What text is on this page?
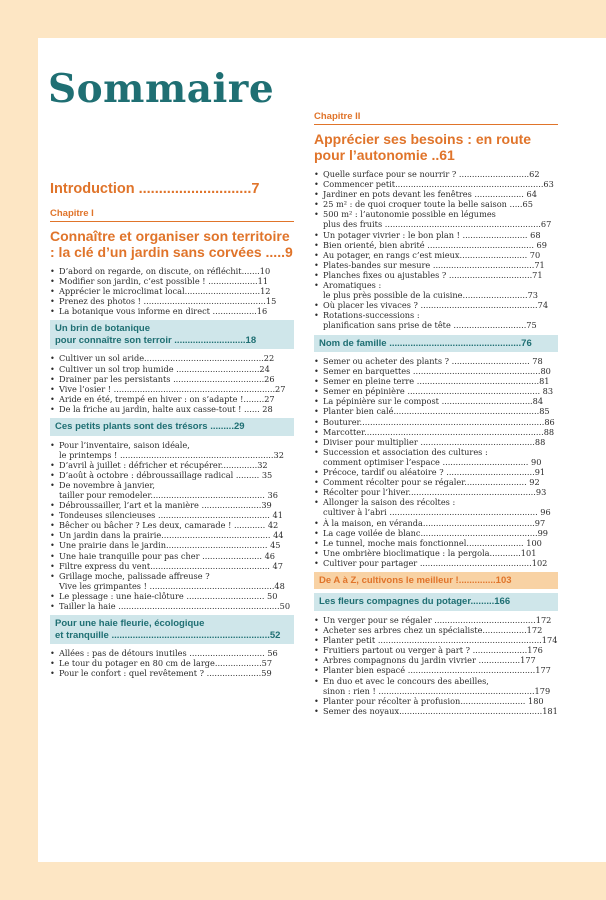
Sommaire
Introduction ............................7
Chapitre I
Connaître et organiser son territoire : la clé d’un jardin sans corvées .....9
• D’abord on regarde, on discute, on réfléchit.......10
• Modifier son jardin, c’est possible ! ...................11
• Apprécier le microclimat local.............................12
• Prenez des photos ! ...............................................15
• La botanique vous informe en direct .................16
Un brin de botanique
pour connaître son terroir ...........................18
• Cultiver un sol aride..............................................22
• Cultiver un sol trop humide ................................24
• Drainer par les persistants ...................................26
• Vive l’osier ! ..............................................................27
• Aride en été, trempé en hiver : on s’adapte !........27
• De la friche au jardin, halte aux casse-tout ! ...... 28
Ces petits plants sont des trésors .........29
• Pour l’inventaire, saison idéale,
le printemps ! ...........................................................32
• D’avril à juillet : défricher et récupérer..............32
• D’août à octobre : débroussaillage radical ......... 35
• De novembre à janvier,
tailler pour remodeler............................................ 36
• Débroussailler, l’art et la manière .......................39
• Tondeuses silencieuses ........................................... 41
• Bêcher ou bâcher ? Les deux, camarade ! ............ 42
• Un jardin dans la prairie.......................................... 44
• Une prairie dans le jardin....................................... 45
• Une haie tranquille pour pas cher ....................... 46
• Filtre express du vent.............................................. 47
• Grillage moche, palissade affreuse ?
Vive les grimpantes ! ................................................48
• Le plessage : une haie-clôture .............................. 50
• Tailler la haie ..............................................................50
Pour une haie fleurie, écologique
et tranquille ............................................................52
• Allées : pas de détours inutiles ............................. 56
• Le tour du potager en 80 cm de large..................57
• Pour le confort : quel revêtement ? .....................59
Chapitre II
Apprécier ses besoins : en route pour l’autonomie ..61
• Quelle surface pour se nourrir ? ...........................62
• Commencer petit.........................................................63
• Jardiner en pots devant les fenêtres ................... 64
• 25 m² : de quoi croquer toute la belle saison .....65
• 500 m² : l’autonomie possible en légumes
plus des fruits ............................................................67
• Un potager vivrier : le bon plan ! ......................... 68
• Bien orienté, bien abrité ......................................... 69
• Au potager, en rangs c’est mieux.......................... 70
• Plates-bandes sur mesure .......................................71
• Planches fixes ou ajustables ? ................................71
• Aromatiques :
le plus près possible de la cuisine.........................73
• Où placer les vivaces ? .............................................74
• Rotations-successions :
planification sans prise de tête ............................75
Nom de famille ..................................................76
• Semer ou acheter des plants ? .............................. 78
• Semer en barquettes .................................................80
• Semer en pleine terre ...............................................81
• Semer en pépinière ................................................... 83
• La pépinière sur le compost ...................................84
• Planter bien calé........................................................85
• Bouturer.......................................................................86
• Marcotter.....................................................................88
• Diviser pour multiplier ............................................88
• Succession et association des cultures :
comment optimiser l’espace ................................. 90
• Précoce, tardif ou aléatoire ? ..................................91
• Comment récolter pour se régaler........................ 92
• Récolter pour l’hiver.................................................93
• Allonger la saison des récoltes :
cultiver à l’abri ......................................................... 96
• À la maison, en véranda...........................................97
• La cage voilée de blanc.............................................99
• Le tunnel, moche mais fonctionnel...................... 100
• Une ombrière bioclimatique : la pergola............101
• Cultiver pour partager ...........................................102
De A à Z, cultivons le meilleur !..............103
Les fleurs compagnes du potager.........166
• Un verger pour se régaler .......................................172
• Acheter ses arbres chez un spécialiste.................172
• Planter petit ...............................................................174
• Fruitiers partout ou verger à part ? .....................176
• Arbres compagnons du jardin vivrier ................177
• Planter bien espacé .................................................177
• En duo et avec le concours des abeilles,
sinon : rien ! ............................................................179
• Planter pour récolter à profusion......................... 180
• Semer des noyaux.......................................................181
